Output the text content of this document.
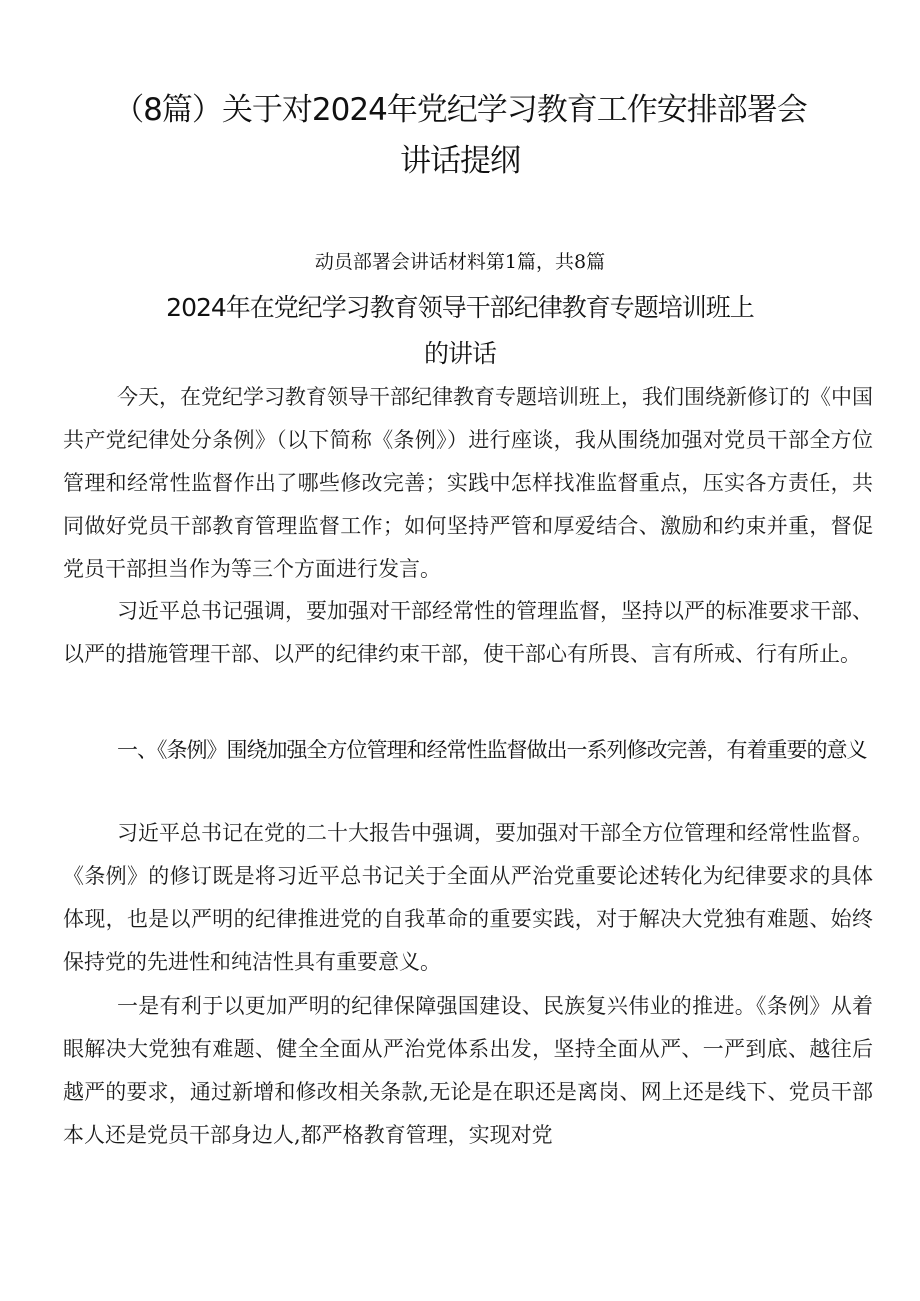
（8篇）关于对2024年党纪学习教育工作安排部署会
讲话提纲
动员部署会讲话材料第1篇，共8篇
2024年在党纪学习教育领导干部纪律教育专题培训班上
的讲话

今天，在党纪学习教育领导干部纪律教育专题培训班上，我们围绕新修订的《中国共产党纪律处分条例》（以下简称《条例》）进行座谈，我从围绕加强对党员干部全方位管理和经常性监督作出了哪些修改完善；实践中怎样找准监督重点，压实各方责任，共同做好党员干部教育管理监督工作；如何坚持严管和厚爱结合、激励和约束并重，督促党员干部担当作为等三个方面进行发言。

习近平总书记强调，要加强对干部经常性的管理监督，坚持以严的标准要求干部、以严的措施管理干部、以严的纪律约束干部，使干部心有所畏、言有所戒、行有所止。

一、《条例》围绕加强全方位管理和经常性监督做出一系列修改完善，有着重要的意义

习近平总书记在党的二十大报告中强调，要加强对干部全方位管理和经常性监督。《条例》的修订既是将习近平总书记关于全面从严治党重要论述转化为纪律要求的具体体现，也是以严明的纪律推进党的自我革命的重要实践，对于解决大党独有难题、始终保持党的先进性和纯洁性具有重要意义。

一是有利于以更加严明的纪律保障强国建设、民族复兴伟业的推进。《条例》从着眼解决大党独有难题、健全全面从严治党体系出发，坚持全面从严、一严到底、越往后越严的要求，通过新增和修改相关条款,无论是在职还是离岗、网上还是线下、党员干部本人还是党员干部身边人,都严格教育管理，实现对党
